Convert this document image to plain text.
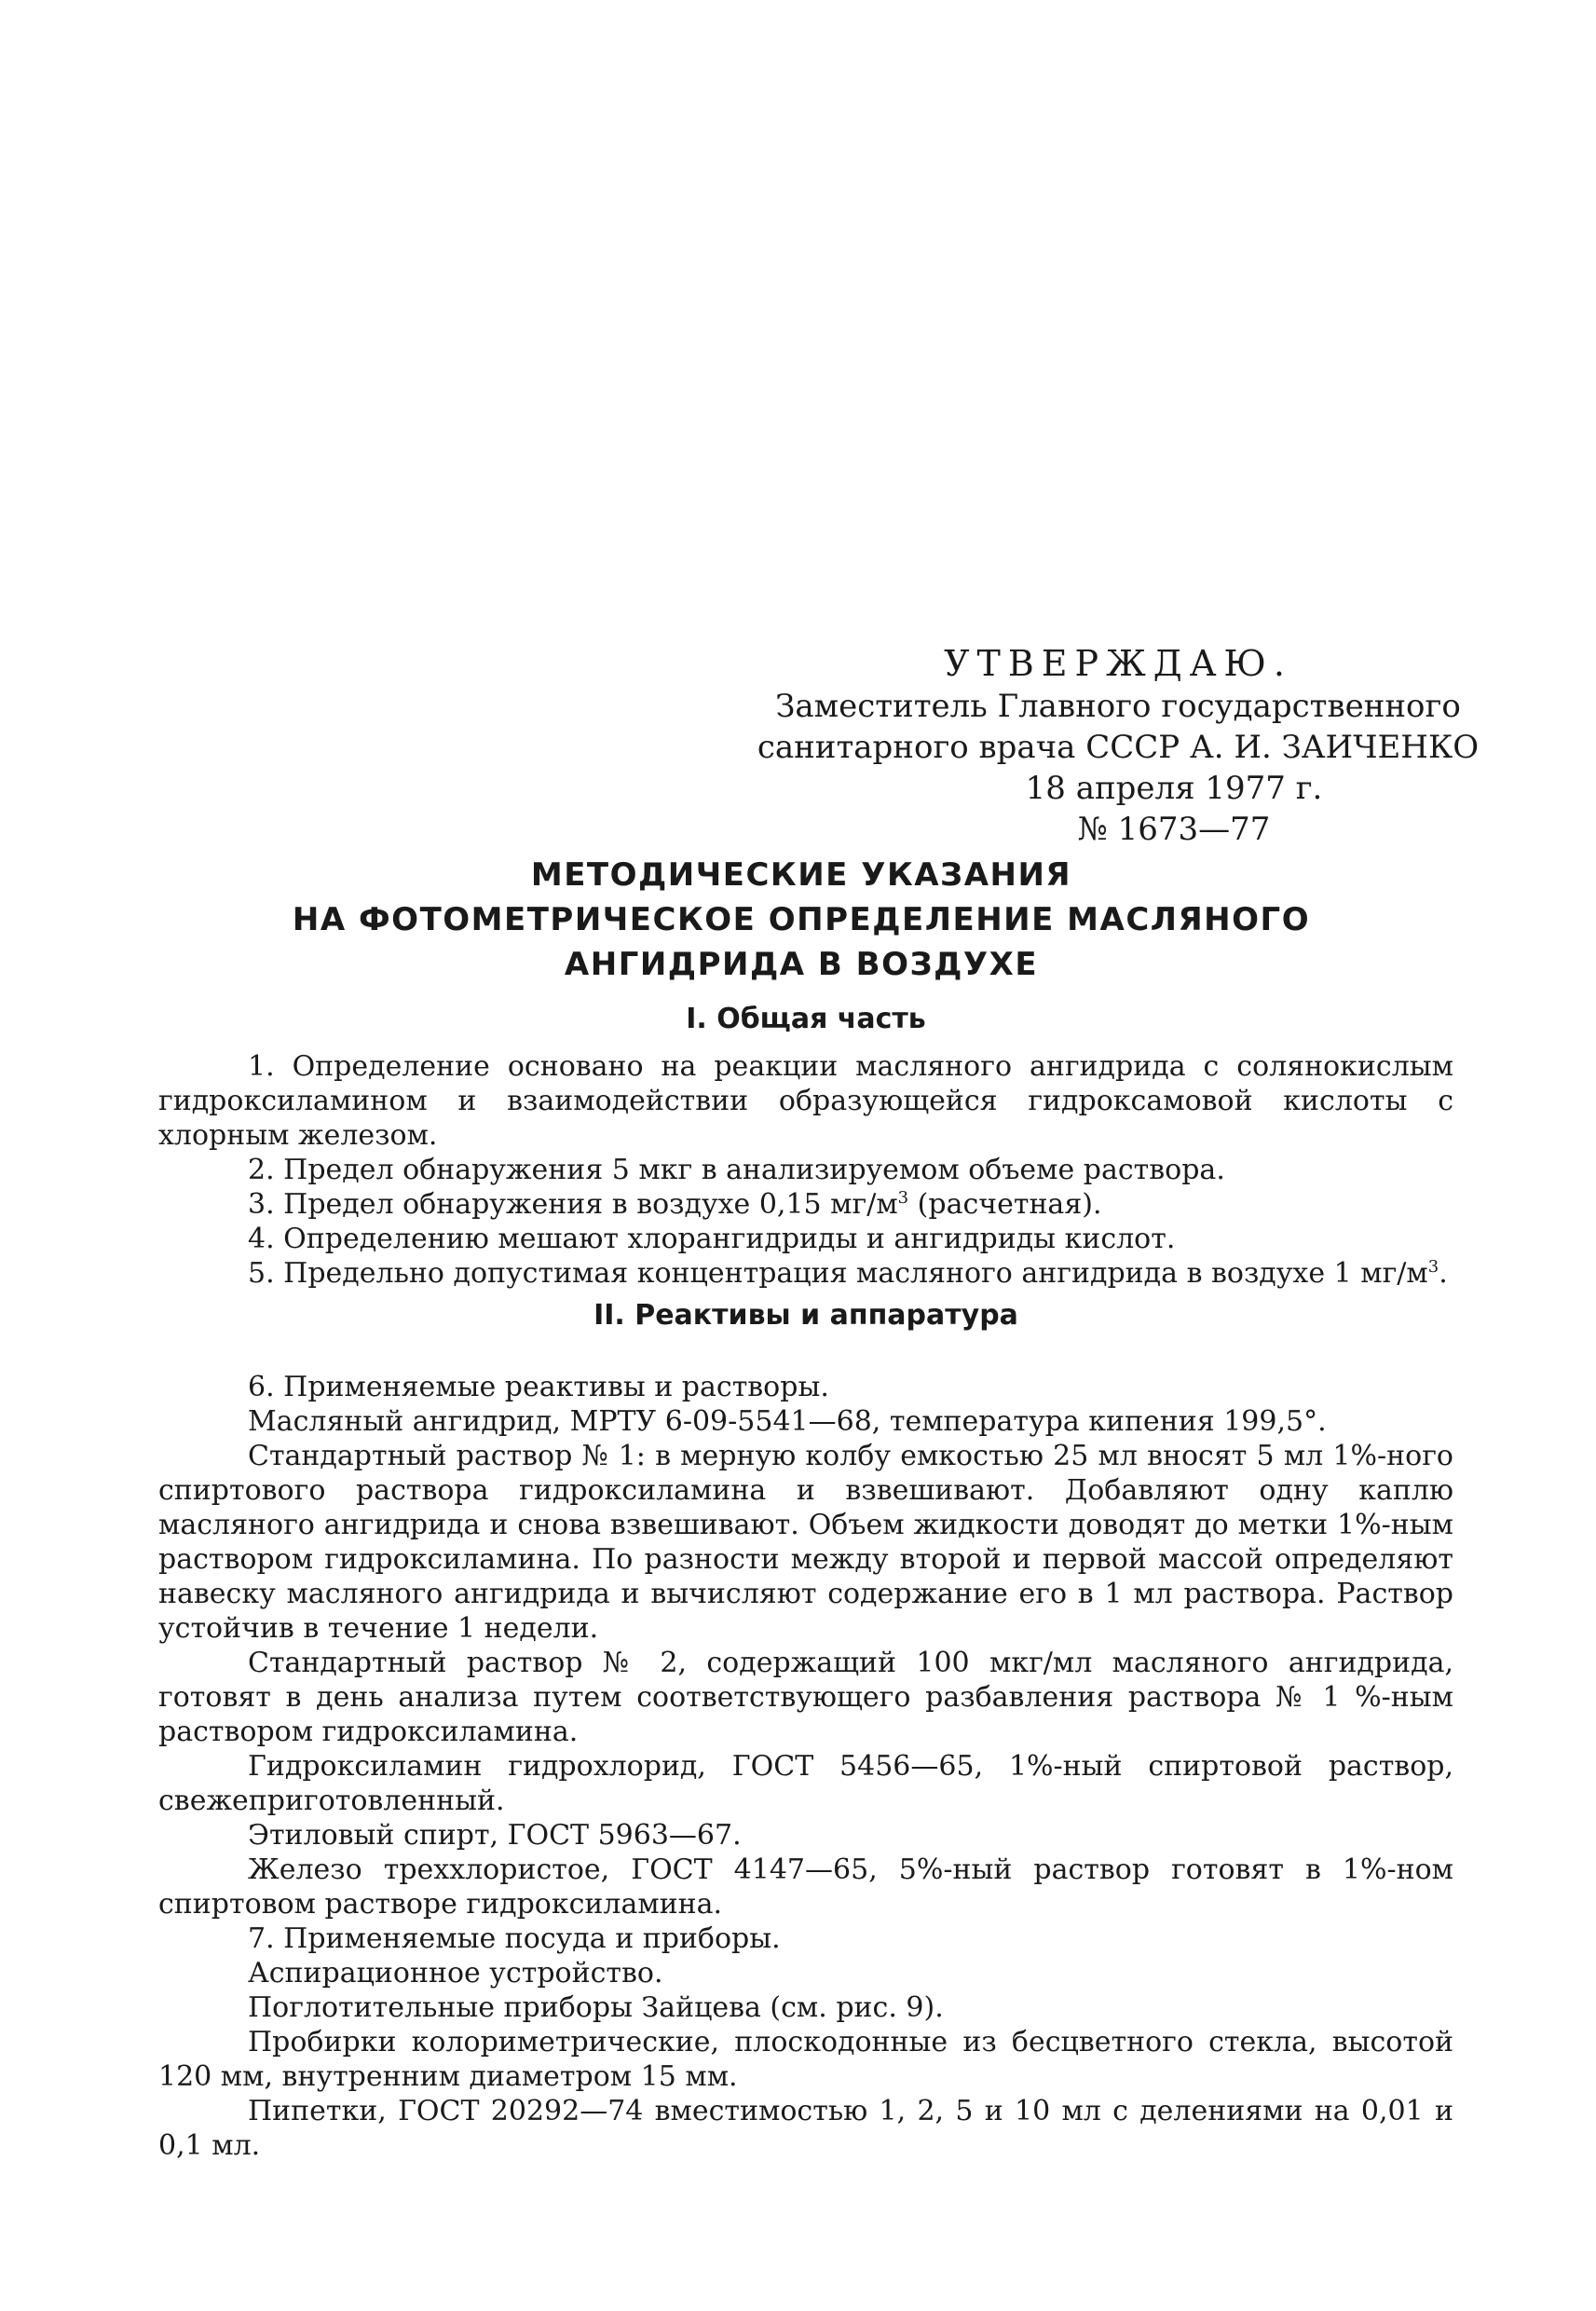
УТВЕРЖДАЮ.
Заместитель Главного государственного
санитарного врача СССР А. И. ЗАИЧЕНКО
18 апреля 1977 г.
№ 1673—77
МЕТОДИЧЕСКИЕ УКАЗАНИЯ
НА ФОТОМЕТРИЧЕСКОЕ ОПРЕДЕЛЕНИЕ МАСЛЯНОГО
АНГИДРИДА В ВОЗДУХЕ
I. Общая часть

1. Определение основано на реакции масляного ангидрида с солянокислым гидроксиламином и взаимодействии образующейся гидроксамовой кислоты с хлорным железом.

2. Предел обнаружения 5 мкг в анализируемом объеме раствора.

3. Предел обнаружения в воздухе 0,15 $мг/м^3$ (расчетная).

4. Определению мешают хлорангидриды и ангидриды кислот.

5. Предельно допустимая концентрация масляного ангидрида в воздухе 1 $мг/м^3$.

II. Реактивы и аппаратура

6. Применяемые реактивы и растворы.

Масляный ангидрид, МРТУ 6-09-5541—68, температура кипения 199,5°.

Стандартный раствор № 1: в мерную колбу емкостью 25 мл вносят 5 мл 1%-ного спиртового раствора гидроксиламина и взвешивают. Добавляют одну каплю масляного ангидрида и снова взвешивают. Объем жидкости доводят до метки 1%-ным раствором гидроксиламина. По разности между второй и первой массой определяют навеску масляного ангидрида и вычисляют содержание его в 1 мл раствора. Раствор устойчив в течение 1 недели.

Стандартный раствор № 2, содержащий 100 мкг/мл масляного ангидрида, готовят в день анализа путем соответствующего разбавления раствора № 1 %-ным раствором гидроксиламина.

Гидроксиламин гидрохлорид, ГОСТ 5456—65, 1%-ный спиртовой раствор, свежеприготовленный.

Этиловый спирт, ГОСТ 5963—67.

Железо треххлористое, ГОСТ 4147—65, 5%-ный раствор готовят в 1%-ном спиртовом растворе гидроксиламина.

7. Применяемые посуда и приборы.

Аспирационное устройство.

Поглотительные приборы Зайцева (см. рис. 9).

Пробирки колориметрические, плоскодонные из бесцветного стекла, высотой 120 мм, внутренним диаметром 15 мм.

Пипетки, ГОСТ 20292—74 вместимостью 1, 2, 5 и 10 мл с делениями на 0,01 и 0,1 мл.
